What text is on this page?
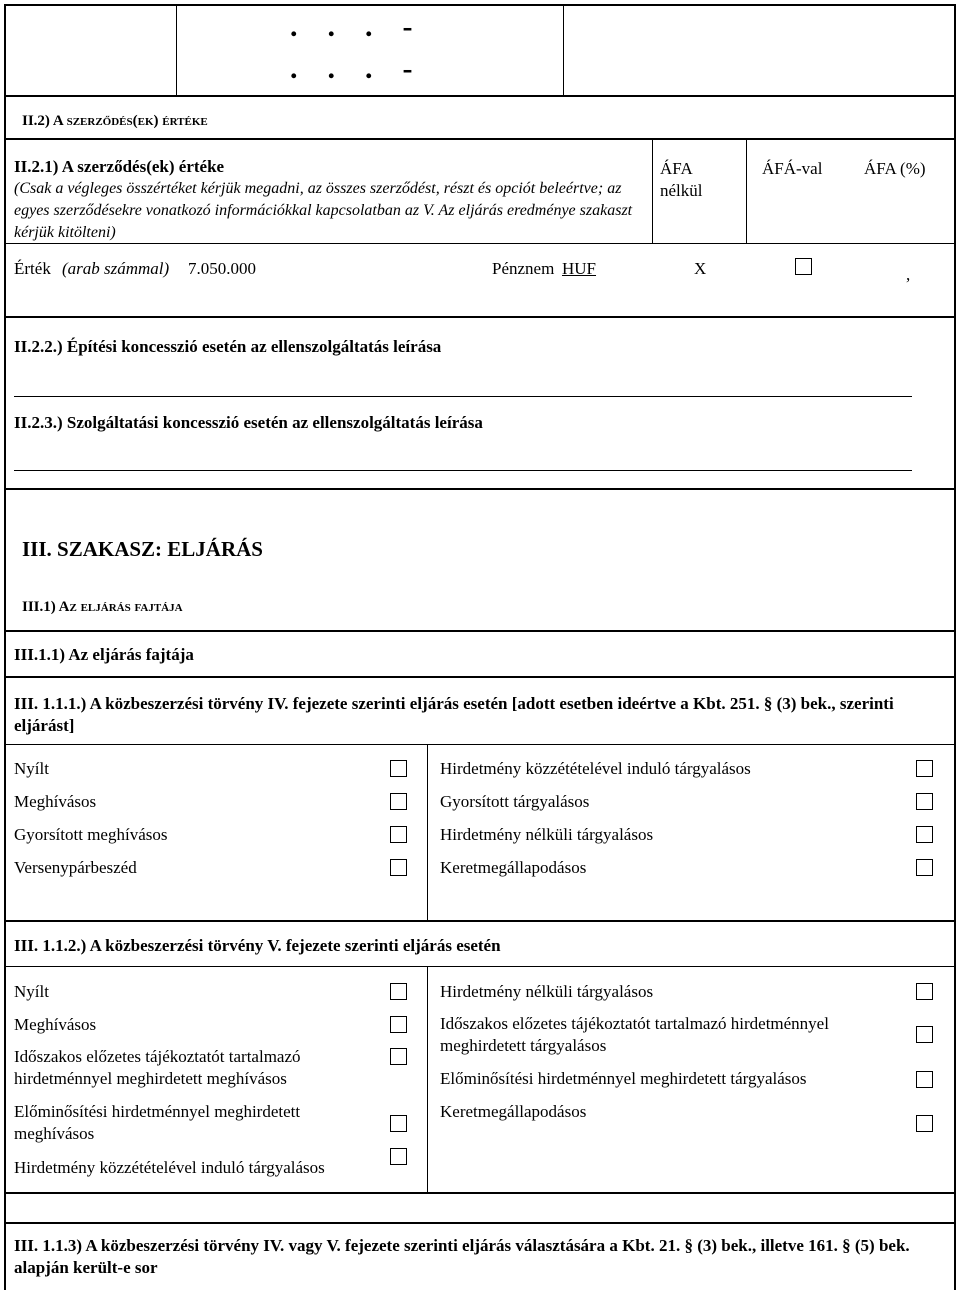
.    .    .    -
.    .    .    -
II.2) A szerződés(ek) értéke
II.2.1) A szerződés(ek) értéke
(Csak a végleges összértéket kérjük megadni, az összes szerződést, részt és opciót beleértve; az egyes szerződésekre vonatkozó információkkal kapcsolatban az V. Az eljárás eredménye szakaszt kérjük kitölteni)
ÁFA nélkül
ÁFÁ-val ÁFA (%)
Érték (arab számmal) 7.050.000	Pénznem HUF	X	,
II.2.2.) Építési koncesszió esetén az ellenszolgáltatás leírása
II.2.3.) Szolgáltatási koncesszió esetén az ellenszolgáltatás leírása
III. SZAKASZ: ELJÁRÁS
III.1) Az eljárás fajtája
III.1.1) Az eljárás fajtája
III. 1.1.1.) A közbeszerzési törvény IV. fejezete szerinti eljárás esetén [adott esetben ideértve a Kbt. 251. § (3) bek., szerinti eljárást]
Nyílt
Meghívásos
Gyorsított meghívásos
Versenypárbeszéd
Hirdetmény közzétételével induló tárgyalásos
Gyorsított tárgyalásos
Hirdetmény nélküli tárgyalásos
Keretmegállapodásos
III. 1.1.2.) A közbeszerzési törvény V. fejezete szerinti eljárás esetén
Nyílt
Meghívásos
Időszakos előzetes tájékoztatót tartalmazó hirdetménnyel meghirdetett meghívásos
Előminősítési hirdetménnyel meghirdetett meghívásos
Hirdetmény közzétételével induló tárgyalásos
Hirdetmény nélküli tárgyalásos
Időszakos előzetes tájékoztatót tartalmazó hirdetménnyel meghirdetett tárgyalásos
Előminősítési hirdetménnyel meghirdetett tárgyalásos
Keretmegállapodásos
III. 1.1.3) A közbeszerzési törvény IV. vagy V. fejezete szerinti eljárás választására a Kbt. 21. § (3) bek., illetve 161. § (5) bek. alapján került-e sor
